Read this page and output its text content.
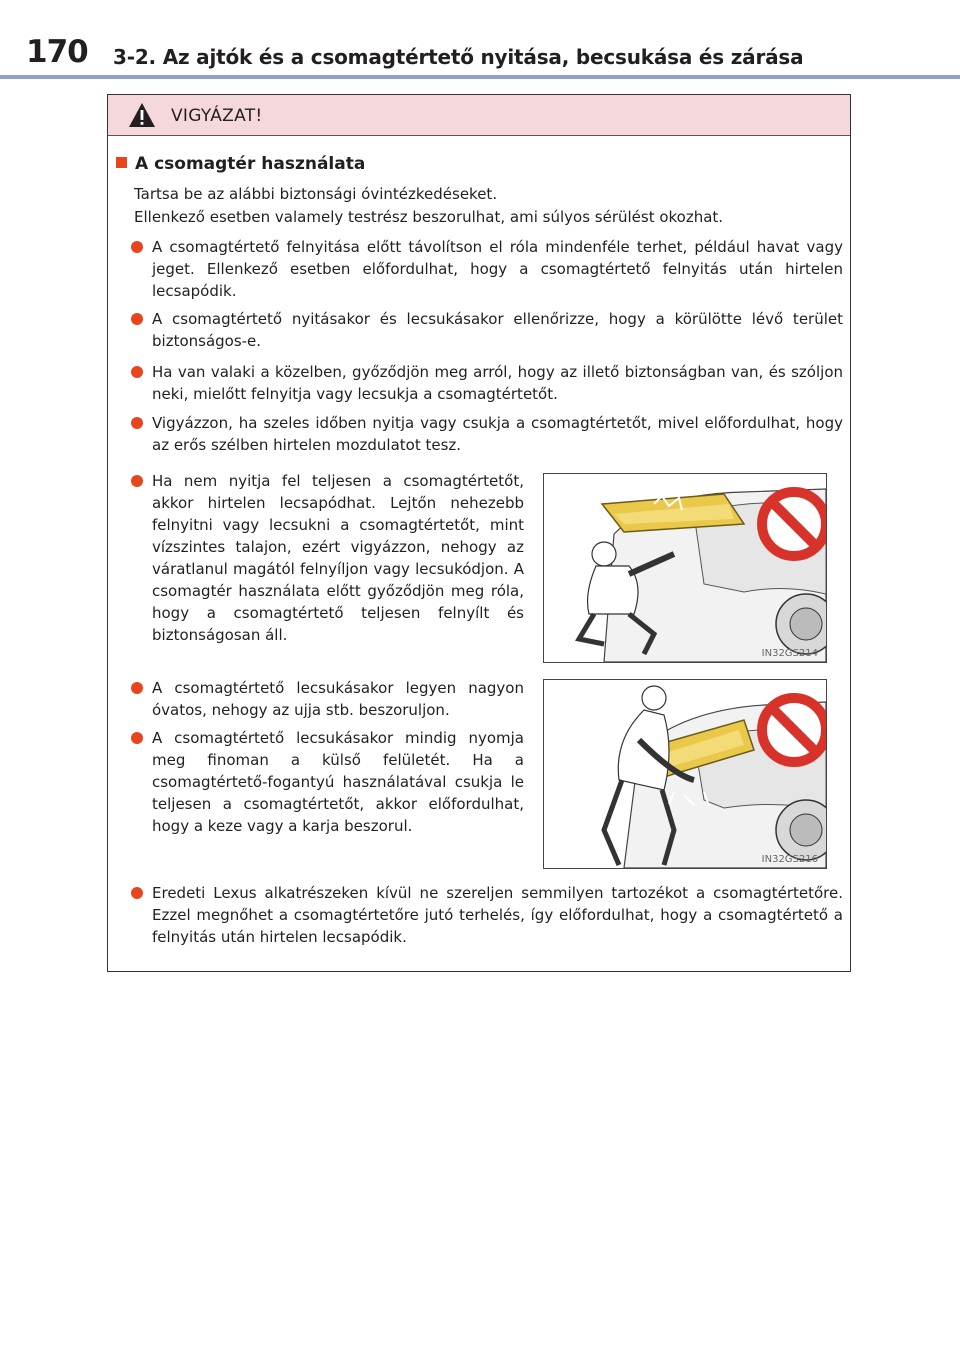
170 3-2. Az ajtók és a csomagtértető nyitása, becsukása és zárása
VIGYÁZAT!
A csomagtér használata
Tartsa be az alábbi biztonsági óvintézkedéseket.
Ellenkező esetben valamely testrész beszorulhat, ami súlyos sérülést okozhat.
A csomagtértető felnyitása előtt távolítson el róla mindenféle terhet, például havat vagy jeget. Ellenkező esetben előfordulhat, hogy a csomagtértető felnyitás után hirtelen lecsapódik.
A csomagtértető nyitásakor és lecsukásakor ellenőrizze, hogy a körülötte lévő terület biztonságos-e.
Ha van valaki a közelben, győződjön meg arról, hogy az illető biztonságban van, és szóljon neki, mielőtt felnyitja vagy lecsukja a csomagtértetőt.
Vigyázzon, ha szeles időben nyitja vagy csukja a csomagtértetőt, mivel előfordulhat, hogy az erős szélben hirtelen mozdulatot tesz.
Ha nem nyitja fel teljesen a csomagtértetőt, akkor hirtelen lecsapódhat. Lejtőn nehezebb felnyitni vagy lecsukni a csomagtértetőt, mint vízszintes talajon, ezért vigyázzon, nehogy az váratlanul magától felnyíljon vagy lecsukódjon. A csomagtér használata előtt győződjön meg róla, hogy a csomagtértető teljesen felnyílt és biztonságosan áll.
A csomagtértető lecsukásakor legyen nagyon óvatos, nehogy az ujja stb. beszoruljon.
A csomagtértető lecsukásakor mindig nyomja meg finoman a külső felületét. Ha a csomagtértető-fogantyú használatával csukja le teljesen a csomagtértetőt, akkor előfordulhat, hogy a keze vagy a karja beszorul.
Eredeti Lexus alkatrészeken kívül ne szereljen semmilyen tartozékot a csomagtértetőre. Ezzel megnőhet a csomagtértetőre jutó terhelés, így előfordulhat, hogy a csomagtértető a felnyitás után hirtelen lecsapódik.
IN32GS214
IN32GS216
